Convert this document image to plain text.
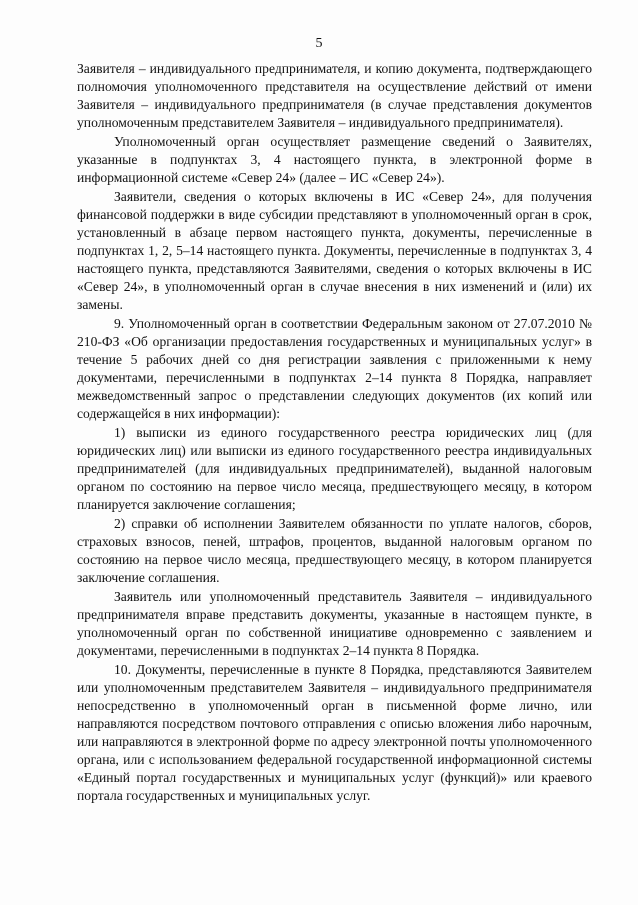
5

Заявителя – индивидуального предпринимателя, и копию документа, подтверждающего полномочия уполномоченного представителя на осуществление действий от имени Заявителя – индивидуального предпринимателя (в случае представления документов уполномоченным представителем Заявителя – индивидуального предпринимателя).

Уполномоченный орган осуществляет размещение сведений о Заявителях, указанные в подпунктах 3, 4 настоящего пункта, в электронной форме в информационной системе «Север 24» (далее – ИС «Север 24»).

Заявители, сведения о которых включены в ИС «Север 24», для получения финансовой поддержки в виде субсидии представляют в уполномоченный орган в срок, установленный в абзаце первом настоящего пункта, документы, перечисленные в подпунктах 1, 2, 5–14 настоящего пункта. Документы, перечисленные в подпунктах 3, 4 настоящего пункта, представляются Заявителями, сведения о которых включены в ИС «Север 24», в уполномоченный орган в случае внесения в них изменений и (или) их замены.

9. Уполномоченный орган в соответствии Федеральным законом от 27.07.2010 № 210-ФЗ «Об организации предоставления государственных и муниципальных услуг» в течение 5 рабочих дней со дня регистрации заявления с приложенными к нему документами, перечисленными в подпунктах 2–14 пункта 8 Порядка, направляет межведомственный запрос о представлении следующих документов (их копий или содержащейся в них информации):

1) выписки из единого государственного реестра юридических лиц (для юридических лиц) или выписки из единого государственного реестра индивидуальных предпринимателей (для индивидуальных предпринимателей), выданной налоговым органом по состоянию на первое число месяца, предшествующего месяцу, в котором планируется заключение соглашения;

2) справки об исполнении Заявителем обязанности по уплате налогов, сборов, страховых взносов, пеней, штрафов, процентов, выданной налоговым органом по состоянию на первое число месяца, предшествующего месяцу, в котором планируется заключение соглашения.

Заявитель или уполномоченный представитель Заявителя – индивидуального предпринимателя вправе представить документы, указанные в настоящем пункте, в уполномоченный орган по собственной инициативе одновременно с заявлением и документами, перечисленными в подпунктах 2–14 пункта 8 Порядка.

10. Документы, перечисленные в пункте 8 Порядка, представляются Заявителем или уполномоченным представителем Заявителя – индивидуального предпринимателя непосредственно в уполномоченный орган в письменной форме лично, или направляются посредством почтового отправления с описью вложения либо нарочным, или направляются в электронной форме по адресу электронной почты уполномоченного органа, или с использованием федеральной государственной информационной системы «Единый портал государственных и муниципальных услуг (функций)» или краевого портала государственных и муниципальных услуг.
